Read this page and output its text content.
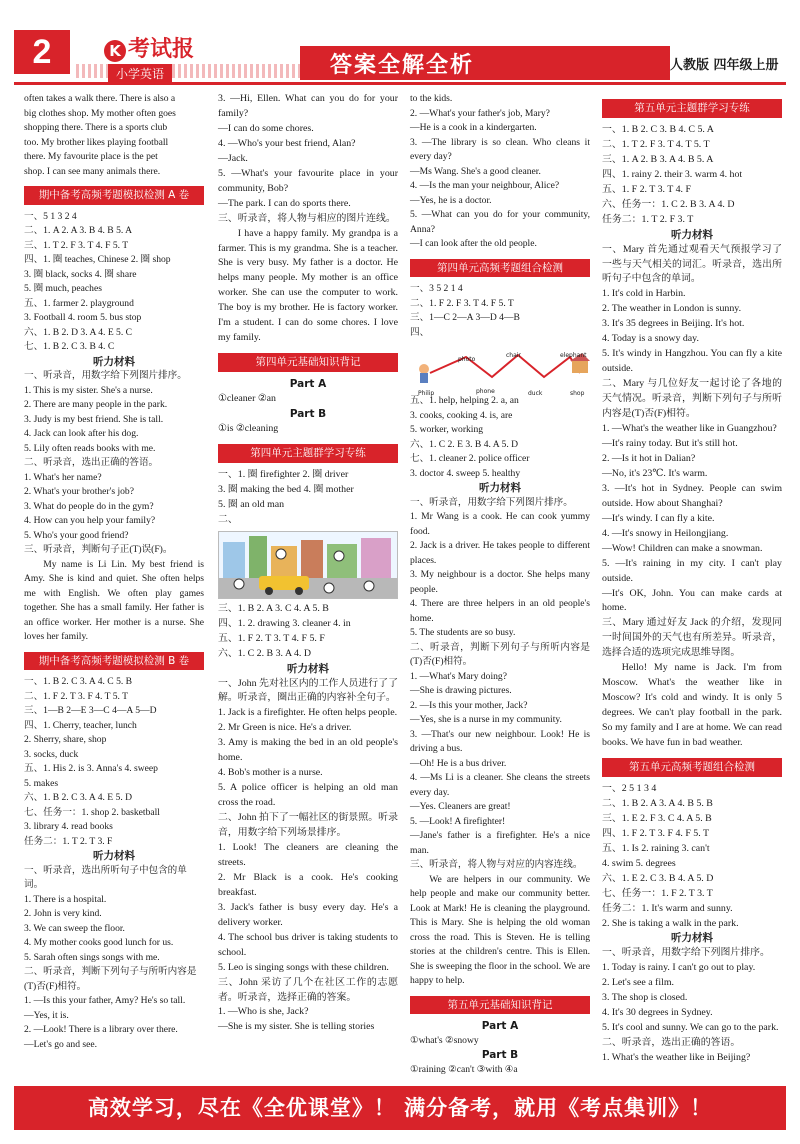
2	K 考试报
小学英语	答案全解全析	人教版 四年级上册
often takes a walk there. There is also a
big clothes shop. My mother often goes
shopping there. There is a sports club
too. My brother likes playing football
there. My favourite place is the pet
shop. I can see many animals there.
期中备考高频考题模拟检测 A 卷
一、5 1 3 2 4
二、1. A 2. A 3. B 4. B 5. A
三、1. T 2. F 3. T 4. F 5. T
四、1. 圈 teaches, Chinese 2. 圈 shop
3. 圈 black, socks 4. 圈 share
5. 圈 much, peaches
五、1. farmer 2. playground
3. Football 4. room 5. bus stop
六、1. B 2. D 3. A 4. E 5. C
七、1. B 2. C 3. B 4. C
听力材料
一、听录音，用数字给下列图片排序。
1. This is my sister. She's a nurse.
2. There are many people in the park.
3. Judy is my best friend. She is tall.
4. Jack can look after his dog.
5. Lily often reads books with me.
二、听录音，选出正确的答语。
1. What's her name?
2. What's your brother's job?
3. What do people do in the gym?
4. How can you help your family?
5. Who's your good friend?
三、听录音，判断句子正(T)误(F)。
My name is Li Lin. My best friend is Amy. She is kind and quiet. She often helps me with English. We often play games together. She has a small family. Her father is an office worker. Her mother is a nurse. She loves her family.
期中备考高频考题模拟检测 B 卷
一、1. B 2. C 3. A 4. C 5. B
二、1. F 2. T 3. F 4. T 5. T
三、1—B 2—E 3—C 4—A 5—D
四、1. Cherry, teacher, lunch
2. Sherry, share, shop
3. socks, duck
五、1. His 2. is 3. Anna's 4. sweep
5. makes
六、1. B 2. C 3. A 4. E 5. D
七、任务一：1. shop 2. basketball
3. library 4. read books
任务二：1. T 2. T 3. F
听力材料
一、听录音，选出所听句子中包含的单词。
1. There is a hospital.
2. John is very kind.
3. We can sweep the floor.
4. My mother cooks good lunch for us.
5. Sarah often sings songs with me.
二、听录音，判断下列句子与所听内容是(T)否(F)相符。
1. —Is this your father, Amy? He's so tall.
—Yes, it is.
2. —Look! There is a library over there.
—Let's go and see.
3. —Hi, Ellen. What can you do for your family?
—I can do some chores.
4. —Who's your best friend, Alan?
—Jack.
5. —What's your favourite place in your community, Bob?
—The park. I can do sports there.
三、听录音，将人物与相应的图片连线。
I have a happy family. My grandpa is a farmer. This is my grandma. She is a teacher. She is very busy. My father is a doctor. He helps many people. My mother is an office worker. She can use the computer to work. The boy is my brother. He is factory worker. I'm a student. I can do some chores. I love my family.
第四单元基础知识背记
Part A
①cleaner ②an
Part B
①is ②cleaning
第四单元主题群学习专练
一、1. 圈 firefighter 2. 圈 driver
3. 圈 making the bed 4. 圈 mother
5. 圈 an old man
二、
三、1. B 2. A 3. C 4. A 5. B
四、1. 2. drawing 3. cleaner 4. in
五、1. F 2. T 3. T 4. F 5. F
六、1. C 2. B 3. A 4. D
听力材料
一、John 先对社区内的工作人员进行了了解。听录音，圈出正确的内容补全句子。
1. Jack is a firefighter. He often helps people.
2. Mr Green is nice. He's a driver.
3. Amy is making the bed in an old people's home.
4. Bob's mother is a nurse.
5. A police officer is helping an old man cross the road.
二、John 拍下了一幅社区的街景照。听录音，用数字给下列场景排序。
1. Look! The cleaners are cleaning the streets.
2. Mr Black is a cook. He's cooking breakfast.
3. Jack's father is busy every day. He's a delivery worker.
4. The school bus driver is taking students to school.
5. Leo is singing songs with these children.
三、John 采访了几个在社区工作的志愿者。听录音，选择正确的答案。
1. —Who is she, Jack?
—She is my sister. She is telling stories
to the kids.
2. —What's your father's job, Mary?
—He is a cook in a kindergarten.
3. —The library is so clean. Who cleans it every day?
—Ms Wang. She's a good cleaner.
4. —Is the man your neighbour, Alice?
—Yes, he is a doctor.
5. —What can you do for your community, Anna?
—I can look after the old people.
第四单元高频考题组合检测
一、3 5 2 1 4
二、1. F 2. F 3. T 4. F 5. T
三、1—C 2—A 3—D 4—B
四、
Philip
photo
chair	elephant
shop
phone	duck
五、1. help, helping 2. a, an
3. cooks, cooking 4. is, are
5. worker, working
六、1. C 2. E 3. B 4. A 5. D
七、1. cleaner 2. police officer
3. doctor 4. sweep 5. healthy
听力材料
一、听录音，用数字给下列图片排序。
1. Mr Wang is a cook. He can cook yummy food.
2. Jack is a driver. He takes people to different places.
3. My neighbour is a doctor. She helps many people.
4. There are three helpers in an old people's home.
5. The students are so busy.
二、听录音，判断下列句子与所听内容是(T)否(F)相符。
1. —What's Mary doing?
—She is drawing pictures.
2. —Is this your mother, Jack?
—Yes, she is a nurse in my community.
3. —That's our new neighbour. Look! He is driving a bus.
—Oh! He is a bus driver.
4. —Ms Li is a cleaner. She cleans the streets every day.
—Yes. Cleaners are great!
5. —Look! A firefighter!
—Jane's father is a firefighter. He's a nice man.
三、听录音，将人物与对应的内容连线。
We are helpers in our community. We help people and make our community better. Look at Mark! He is cleaning the playground. This is Mary. She is helping the old woman cross the road. This is Steven. He is telling stories at the children's centre. This is Ellen. She is sweeping the floor in the school. We are happy to help.
第五单元基础知识背记
Part A
①what's ②snowy
Part B
①raining ②can't ③with ④a
第五单元主题群学习专练
一、1. B 2. C 3. B 4. C 5. A
二、1. T 2. F 3. T 4. T 5. T
三、1. A 2. B 3. A 4. B 5. A
四、1. rainy 2. their 3. warm 4. hot
五、1. F 2. T 3. T 4. F
六、任务一：1. C 2. B 3. A 4. D
任务二：1. T 2. F 3. T
听力材料
一、Mary 首先通过观看天气预报学习了一些与天气相关的词汇。听录音，选出所听句子中包含的单词。
1. It's cold in Harbin.
2. The weather in London is sunny.
3. It's 35 degrees in Beijing. It's hot.
4. Today is a snowy day.
5. It's windy in Hangzhou. You can fly a kite outside.
二、Mary 与几位好友一起讨论了各地的天气情况。听录音，判断下列句子与所听内容是(T)否(F)相符。
1. —What's the weather like in Guangzhou?
—It's rainy today. But it's still hot.
2. —Is it hot in Dalian?
—No, it's 23℃. It's warm.
3. —It's hot in Sydney. People can swim outside. How about Shanghai?
—It's windy. I can fly a kite.
4. —It's snowy in Heilongjiang.
—Wow! Children can make a snowman.
5. —It's raining in my city. I can't play outside.
—It's OK, John. You can make cards at home.
三、Mary 通过好友 Jack 的介绍，发现同一时间国外的天气也有所差异。听录音，选择合适的选项完成思维导图。
Hello! My name is Jack. I'm from Moscow. What's the weather like in Moscow? It's cold and windy. It is only 5 degrees. We can't play football in the park. So my family and I are at home. We can read books. We have fun in bad weather.
第五单元高频考题组合检测
一、2 5 1 3 4
二、1. B 2. A 3. A 4. B 5. B
三、1. E 2. F 3. C 4. A 5. B
四、1. F 2. T 3. F 4. F 5. T
五、1. Is 2. raining 3. can't
4. swim 5. degrees
六、1. E 2. C 3. B 4. A 5. D
七、任务一：1. F 2. T 3. T
任务二：1. It's warm and sunny.
2. She is taking a walk in the park.
听力材料
一、听录音，用数字给下列图片排序。
1. Today is rainy. I can't go out to play.
2. Let's see a film.
3. The shop is closed.
4. It's 30 degrees in Sydney.
5. It's cool and sunny. We can go to the park.
二、听录音，选出正确的答语。
1. What's the weather like in Beijing?
高效学习，尽在《全优课堂》！ 满分备考，就用《考点集训》！
